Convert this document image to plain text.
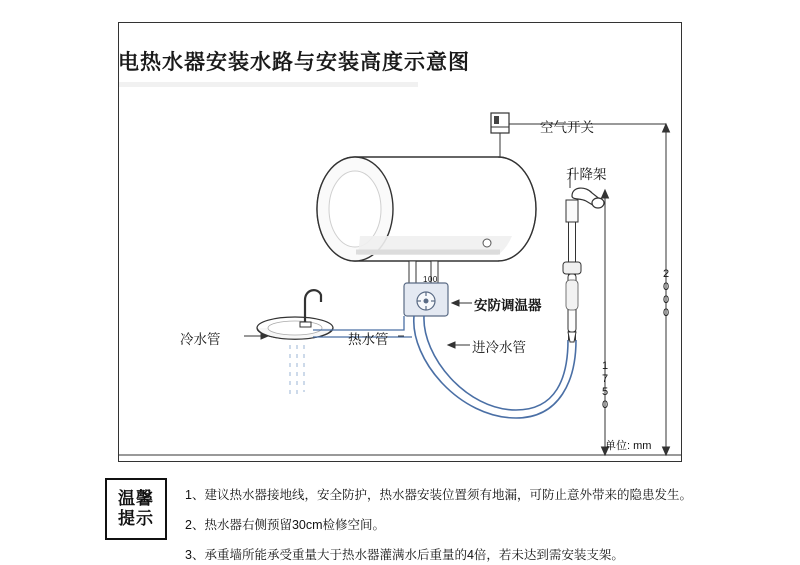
电热水器安装水路与安装高度示意图
空气开关
升降架
冷水管	热水管
安防调温器
进冷水管
100	2000
1750
单位: mm
温馨
提示
1、建议热水器接地线，安全防护，热水器安装位置须有地漏，可防止意外带来的隐患发生。
2、热水器右侧预留30cm检修空间。
3、承重墙所能承受重量大于热水器灌满水后重量的4倍，若未达到需安装支架。
